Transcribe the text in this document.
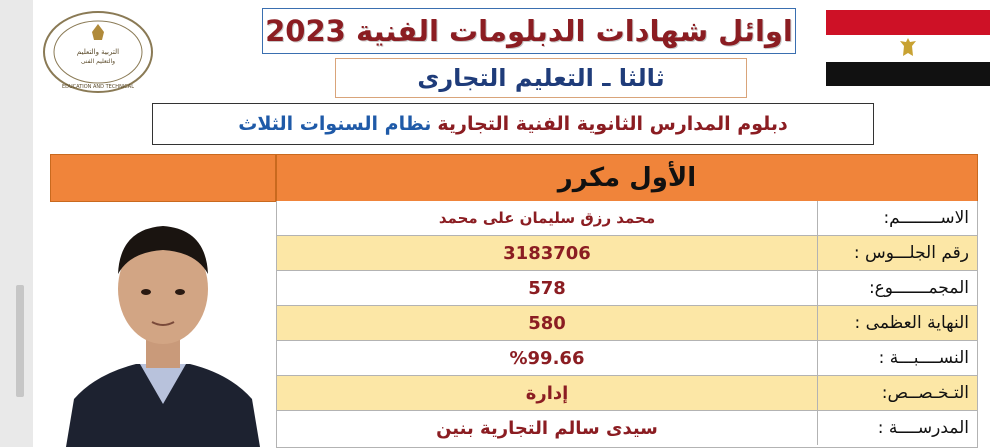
التربية والتعليم
والتعليم الفنى
EDUCATION AND TECHNICAL
اوائل شهادات الدبلومات الفنية 2023
ثالثا ـ التعليم التجارى
دبلوم المدارس الثانوية الفنية التجارية
نظام السنوات الثلاث
الأول مكرر
محمد رزق سليمان على محمد	الاســــــــم:
3183706	رقم الجلـــوس :
578	المجمـــــــوع:
580	النهاية العظمى :
%99.66	النســــبـــة :
إدارة	التـخـصــص:
سيدى سالم التجارية بنين	المدرســــة :
